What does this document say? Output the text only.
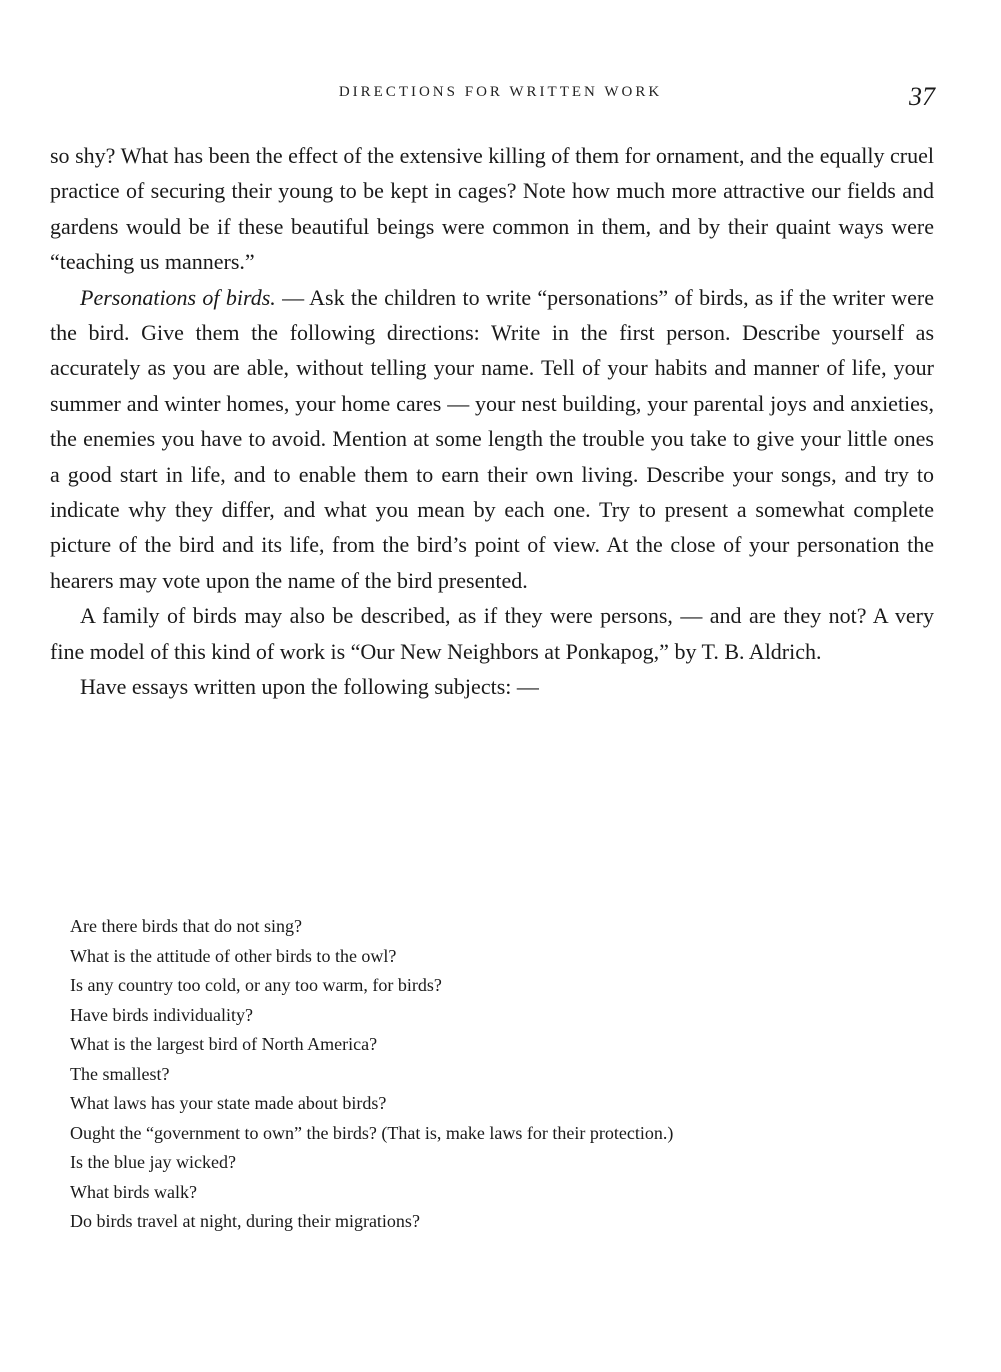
DIRECTIONS FOR WRITTEN WORK	37

so shy? What has been the effect of the extensive killing of them for ornament, and the equally cruel practice of securing their young to be kept in cages? Note how much more attractive our fields and gardens would be if these beautiful beings were common in them, and by their quaint ways were “teaching us manners.”

Personations of birds. — Ask the children to write “personations” of birds, as if the writer were the bird. Give them the following directions: Write in the first person. Describe yourself as accurately as you are able, without telling your name. Tell of your habits and manner of life, your summer and winter homes, your home cares — your nest building, your parental joys and anxieties, the enemies you have to avoid. Mention at some length the trouble you take to give your little ones a good start in life, and to enable them to earn their own living. Describe your songs, and try to indicate why they differ, and what you mean by each one. Try to present a somewhat complete picture of the bird and its life, from the bird’s point of view. At the close of your personation the hearers may vote upon the name of the bird presented.

A family of birds may also be described, as if they were persons, — and are they not? A very fine model of this kind of work is “Our New Neighbors at Ponkapog,” by T. B. Aldrich.

Have essays written upon the following subjects: —

Are there birds that do not sing?
What is the attitude of other birds to the owl?
Is any country too cold, or any too warm, for birds?
Have birds individuality?
What is the largest bird of North America?
The smallest?
What laws has your state made about birds?
Ought the “government to own” the birds? (That is, make laws for their protection.)
Is the blue jay wicked?
What birds walk?
Do birds travel at night, during their migrations?
